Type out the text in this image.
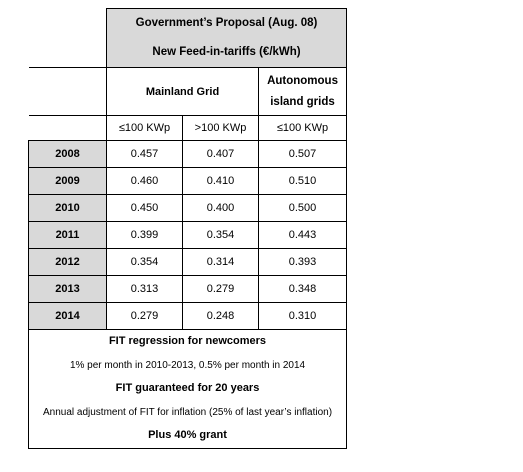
	Government’s Proposal (Aug. 08)
New Feed-in-tariffs (€/kWh)		

	Mainland Grid		Autonomous
island grids

	≤100 KWp	>100 KWp	≤100 KWp
2008	0.457	0.407	0.507
2009	0.460	0.410	0.510
2010	0.450	0.400	0.500
2011	0.399	0.354	0.443
2012	0.354	0.314	0.393
2013	0.313	0.279	0.348
2014	0.279	0.248	0.310

FIT regression for newcomers
1% per month in 2010-2013, 0.5% per month in 2014
FIT guaranteed for 20 years
Annual adjustment of FIT for inflation (25% of last year’s inflation)
Plus 40% grant			
